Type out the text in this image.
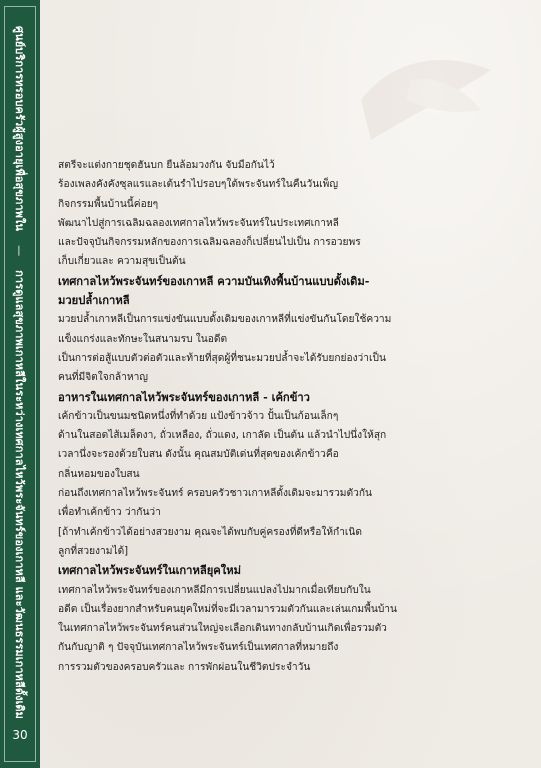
ศูนย์บริการทรอบครัวผู้สูงอายุเพื่อสุขภาพใน
—
การดูแลสุขภาพเกาหลีในระหว่างเทศกาลไหว้พระจันทร์ของเกาหลี และวัฒนธรรมเกาหลีดั้งเดิม
30

สตรีจะแต่งกายชุดฮันบก ยืนล้อมวงกัน จับมือกันไว้

ร้องเพลงคังคังซุลแรและเต้นรำไปรอบๆใต้พระจันทร์ในคืนวันเพ็ญ

กิจกรรมพื้นบ้านนี้ค่อยๆ

พัฒนาไปสู่การเฉลิมฉลองเทศกาลไหว้พระจันทร์ในประเทศเกาหลี

และปัจจุบันกิจกรรมหลักของการเฉลิมฉลองก็เปลี่ยนไปเป็น การอวยพร

เก็บเกี่ยวและ ความสุขเป็นต้น

เทศกาลไหว้พระจันทร์ของเกาหลี ความบันเทิงพื้นบ้านแบบดั้งเดิม-

มวยปล้ำเกาหลี

มวยปล้ำเกาหลีเป็นการแข่งขันแบบดั้งเดิมของเกาหลีที่แข่งขันกันโดยใช้ความ

แข็งแกร่งและทักษะในสนามรบ ในอดีต

เป็นการต่อสู้แบบตัวต่อตัวและท้ายที่สุดผู้ที่ชนะมวยปล้ำจะได้รับยกย่องว่าเป็น

คนที่มีจิตใจกล้าหาญ

อาหารในเทศกาลไหว้พระจันทร์ของเกาหลี - เค้กข้าว

เค้กข้าวเป็นขนมชนิดหนึ่งที่ทำด้วย แป้งข้าวจ้าว ปั้นเป็นก้อนเล็กๆ

ด้านในสอดไส้เมล็ดงา, ถั่วเหลือง, ถั่วแดง, เกาลัด เป็นต้น แล้วนำไปนึ่งให้สุก

เวลานึ่งจะรองด้วยใบสน ดังนั้น คุณสมบัติเด่นที่สุดของเค้กข้าวคือ

กลิ่นหอมของใบสน

ก่อนถึงเทศกาลไหว้พระจันทร์ ครอบครัวชาวเกาหลีดั้งเดิมจะมารวมตัวกัน

เพื่อทำเค้กข้าว ว่ากันว่า

[ถ้าทำเค้กข้าวได้อย่างสวยงาม คุณจะได้พบกับคู่ครองที่ดีหรือให้กำเนิด

ลูกที่สวยงามได้]

เทศกาลไหว้พระจันทร์ในเกาหลียุคใหม่

เทศกาลไหว้พระจันทร์ของเกาหลีมีการเปลี่ยนแปลงไปมากเมื่อเทียบกับใน

อดีต เป็นเรื่องยากสำหรับคนยุคใหม่ที่จะมีเวลามารวมตัวกันและเล่นเกมพื้นบ้าน

ในเทศกาลไหว้พระจันทร์คนส่วนใหญ่จะเลือกเดินทางกลับบ้านเกิดเพื่อรวมตัว

กันกับญาติ ๆ ปัจจุบันเทศกาลไหว้พระจันทร์เป็นเทศกาลที่หมายถึง

การรวมตัวของครอบครัวและ การพักผ่อนในชีวิตประจำวัน
